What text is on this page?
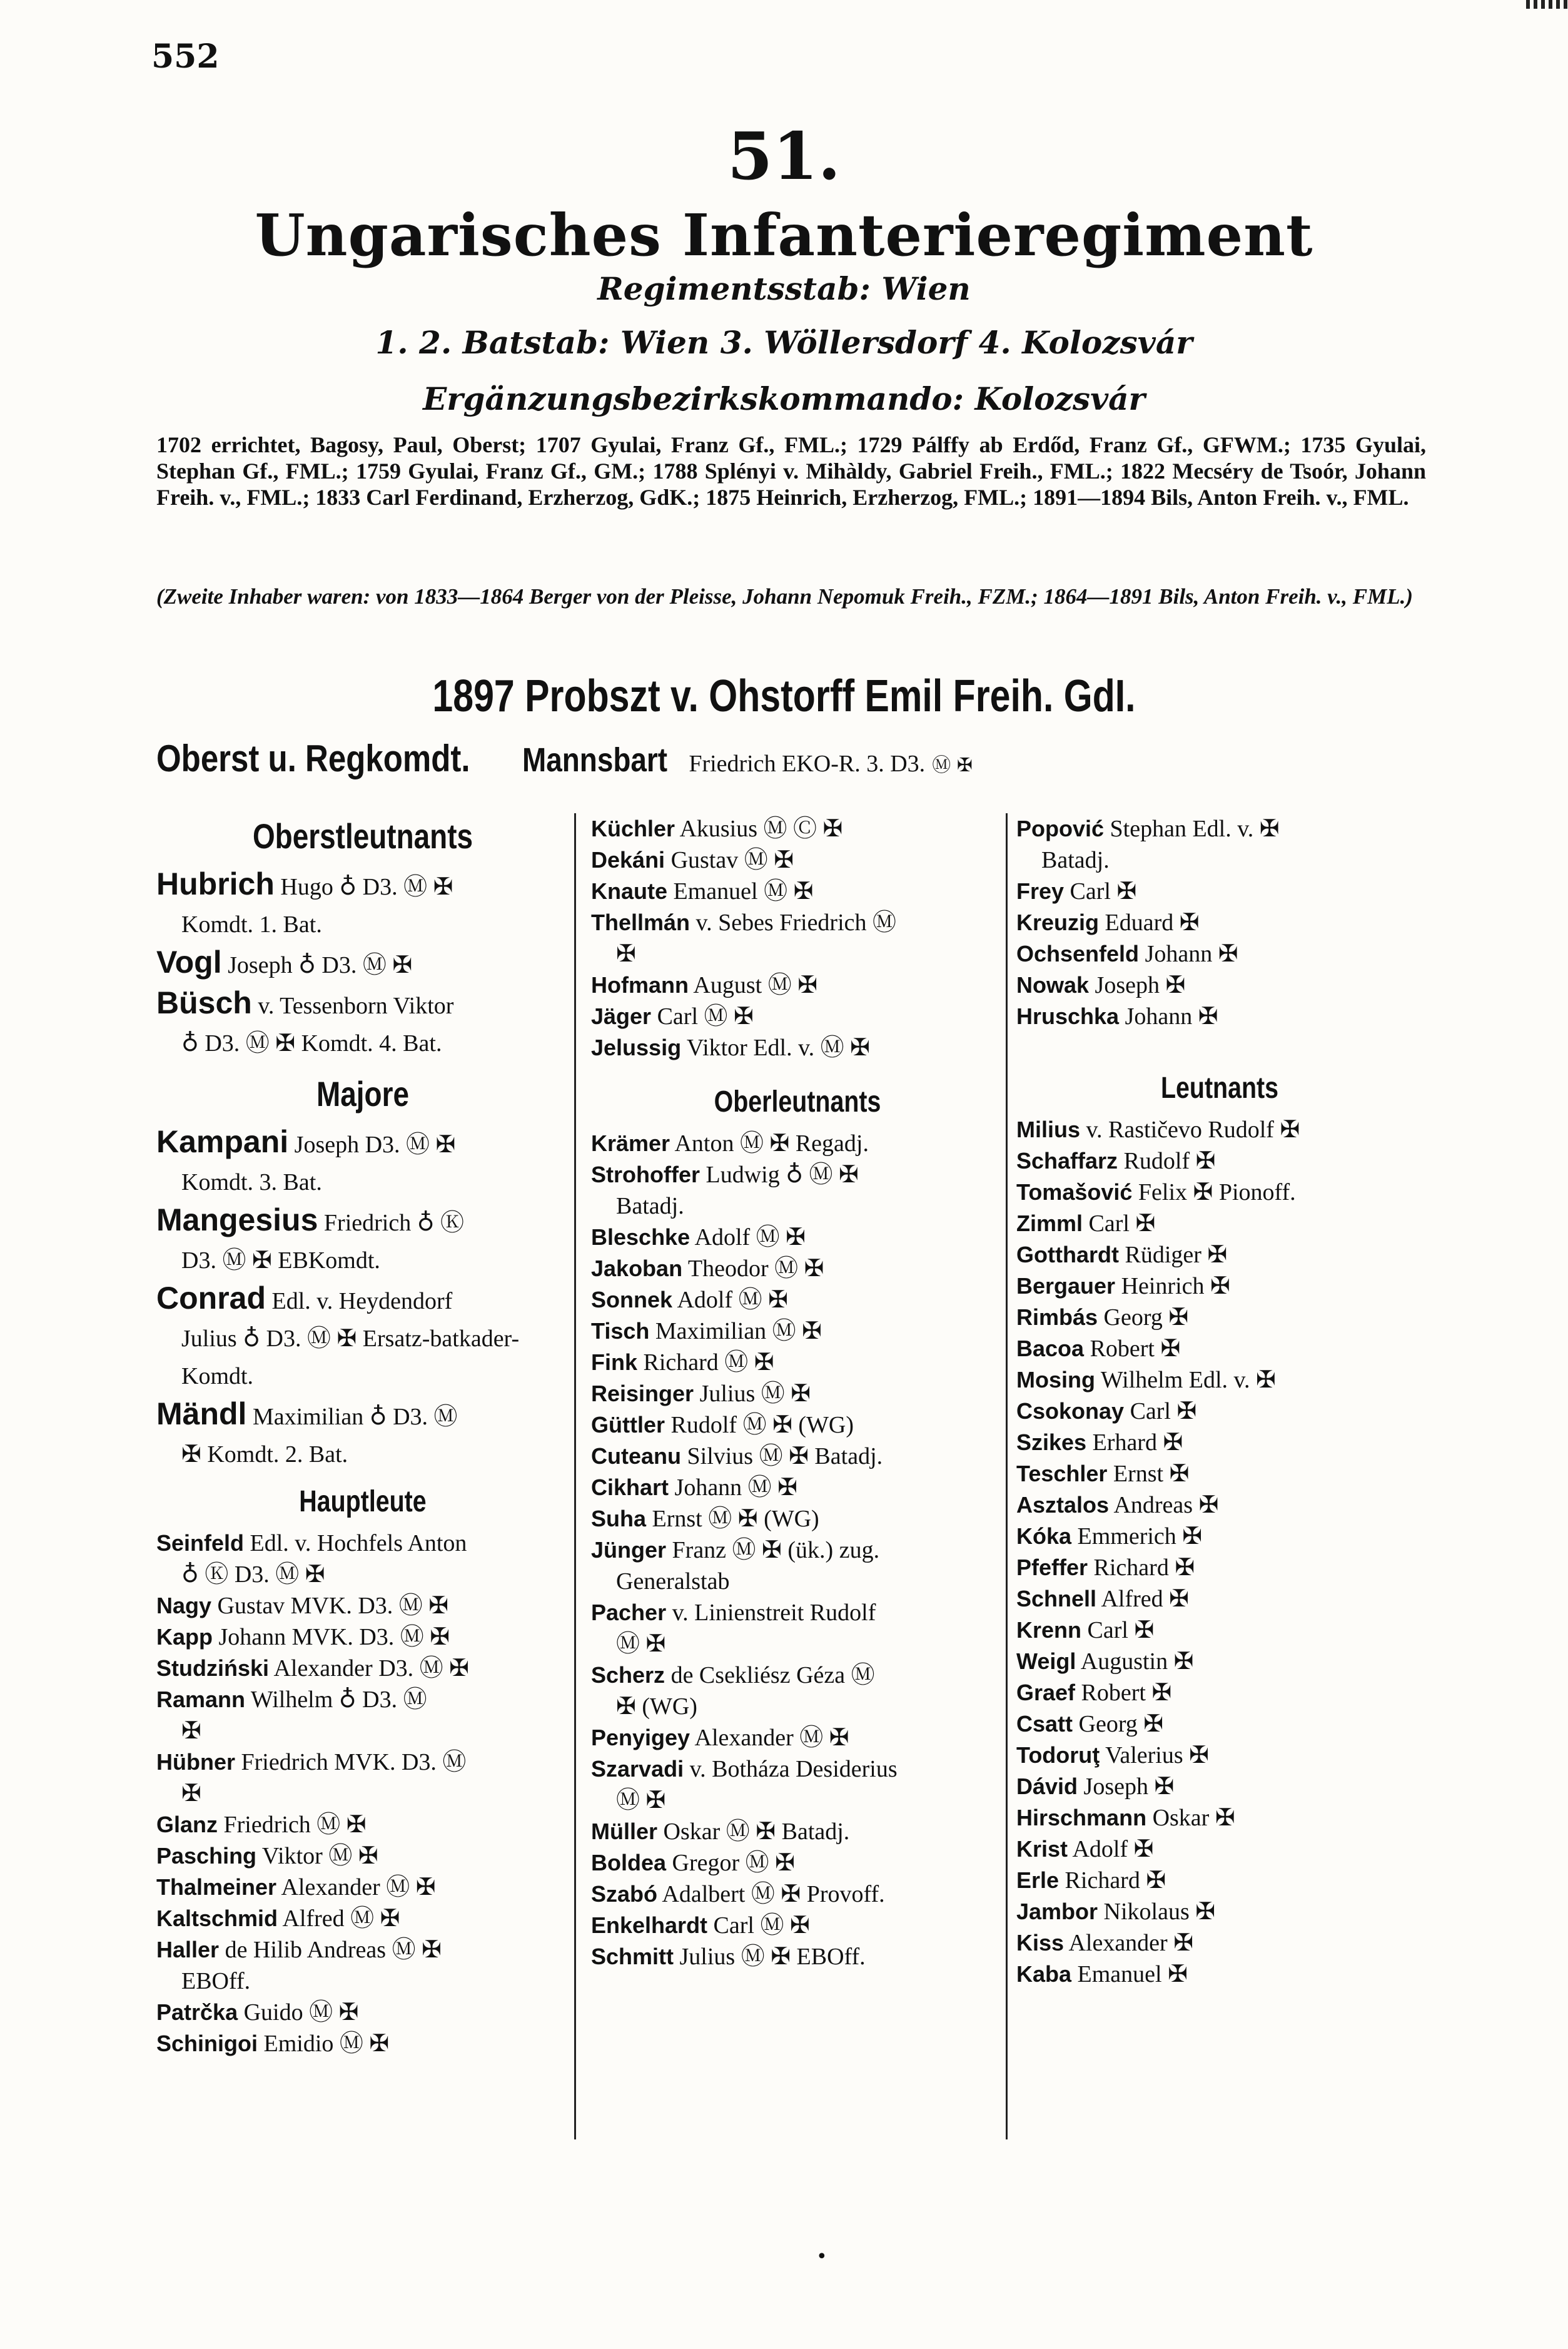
552
51.
Ungarisches Infanterieregiment
Regimentsstab: Wien
1. 2. Batstab: Wien 3. Wöllersdorf 4. Kolozsvár
Ergänzungsbezirkskommando: Kolozsvár
1702 errichtet, Bagosy, Paul, Oberst; 1707 Gyulai, Franz Gf., FML.; 1729 Pálffy ab Erdőd, Franz Gf., GFWM.; 1735 Gyulai, Stephan Gf., FML.; 1759 Gyulai, Franz Gf., GM.; 1788 Splényi v. Mihàldy, Gabriel Freih., FML.; 1822 Mecséry de Tsoór, Johann Freih. v., FML.; 1833 Carl Ferdinand, Erzherzog, GdK.; 1875 Heinrich, Erzherzog, FML.; 1891—1894 Bils, Anton Freih. v., FML.
(Zweite Inhaber waren: von 1833—1864 Berger von der Pleisse, Johann Nepomuk Freih., FZM.; 1864—1891 Bils, Anton Freih. v., FML.)
1897 Probszt v. Ohstorff Emil Freih. GdI.
Oberst u. Regkomdt. Mannsbart Friedrich EKO-R. 3. D3. Ⓜ ✠
Oberstleutnants
Hubrich Hugo ♁ D3. Ⓜ ✠
Komdt. 1. Bat.
Vogl Joseph ♁ D3. Ⓜ ✠
Büsch v. Tessenborn Viktor
♁ D3. Ⓜ ✠ Komdt. 4. Bat.
Majore
Kampani Joseph D3. Ⓜ ✠
Komdt. 3. Bat.
Mangesius Friedrich ♁ Ⓚ
D3. Ⓜ ✠ EBKomdt.
Conrad Edl. v. Heydendorf
Julius ♁ D3. Ⓜ ✠ Ersatz-batkader-Komdt.
Mändl Maximilian ♁ D3. Ⓜ
✠ Komdt. 2. Bat.
Hauptleute
Seinfeld Edl. v. Hochfels Anton
♁ Ⓚ D3. Ⓜ ✠
Nagy Gustav MVK. D3. Ⓜ ✠
Kapp Johann MVK. D3. Ⓜ ✠
Studziński Alexander D3. Ⓜ ✠
Ramann Wilhelm ♁ D3. Ⓜ
✠
Hübner Friedrich MVK. D3. Ⓜ
✠
Glanz Friedrich Ⓜ ✠
Pasching Viktor Ⓜ ✠
Thalmeiner Alexander Ⓜ ✠
Kaltschmid Alfred Ⓜ ✠
Haller de Hilib Andreas Ⓜ ✠
EBOff.
Patrčka Guido Ⓜ ✠
Schinigoi Emidio Ⓜ ✠
Küchler Akusius Ⓜ Ⓒ ✠
Dekáni Gustav Ⓜ ✠
Knaute Emanuel Ⓜ ✠
Thellmán v. Sebes Friedrich Ⓜ
✠
Hofmann August Ⓜ ✠
Jäger Carl Ⓜ ✠
Jelussig Viktor Edl. v. Ⓜ ✠
Oberleutnants
Krämer Anton Ⓜ ✠ Regadj.
Strohoffer Ludwig ♁ Ⓜ ✠
Batadj.
Bleschke Adolf Ⓜ ✠
Jakoban Theodor Ⓜ ✠
Sonnek Adolf Ⓜ ✠
Tisch Maximilian Ⓜ ✠
Fink Richard Ⓜ ✠
Reisinger Julius Ⓜ ✠
Güttler Rudolf Ⓜ ✠ (WG)
Cuteanu Silvius Ⓜ ✠ Batadj.
Cikhart Johann Ⓜ ✠
Suha Ernst Ⓜ ✠ (WG)
Jünger Franz Ⓜ ✠ (ük.) zug.
Generalstab
Pacher v. Linienstreit Rudolf
Ⓜ ✠
Scherz de Csekliész Géza Ⓜ
✠ (WG)
Penyigey Alexander Ⓜ ✠
Szarvadi v. Botháza Desiderius
Ⓜ ✠
Müller Oskar Ⓜ ✠ Batadj.
Boldea Gregor Ⓜ ✠
Szabó Adalbert Ⓜ ✠ Provoff.
Enkelhardt Carl Ⓜ ✠
Schmitt Julius Ⓜ ✠ EBOff.
Popović Stephan Edl. v. ✠
Batadj.
Frey Carl ✠
Kreuzig Eduard ✠
Ochsenfeld Johann ✠
Nowak Joseph ✠
Hruschka Johann ✠
Leutnants
Milius v. Rastičevo Rudolf ✠
Schaffarz Rudolf ✠
Tomašović Felix ✠ Pionoff.
Zimml Carl ✠
Gotthardt Rüdiger ✠
Bergauer Heinrich ✠
Rimbás Georg ✠
Bacoa Robert ✠
Mosing Wilhelm Edl. v. ✠
Csokonay Carl ✠
Szikes Erhard ✠
Teschler Ernst ✠
Asztalos Andreas ✠
Kóka Emmerich ✠
Pfeffer Richard ✠
Schnell Alfred ✠
Krenn Carl ✠
Weigl Augustin ✠
Graef Robert ✠
Csatt Georg ✠
Todoruţ Valerius ✠
Dávid Joseph ✠
Hirschmann Oskar ✠
Krist Adolf ✠
Erle Richard ✠
Jambor Nikolaus ✠
Kiss Alexander ✠
Kaba Emanuel ✠
•
